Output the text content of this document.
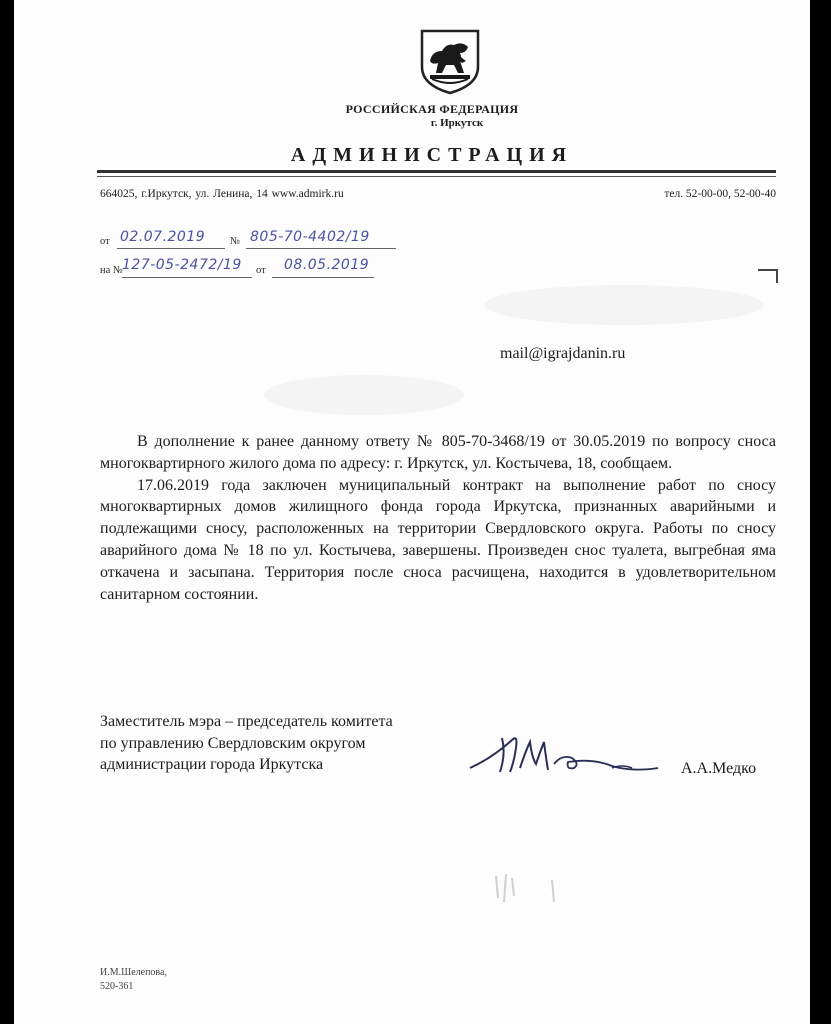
РОССИЙСКАЯ ФЕДЕРАЦИЯ
г. Иркутск
АДМИНИСТРАЦИЯ
664025, г.Иркутск, ул. Ленина, 14 www.admirk.ru	тел. 52-00-00, 52-00-40
от 02.07.2019 № 805-70-4402/19
на № 127-05-2472/19 от 08.05.2019
mail@igrajdanin.ru

В дополнение к ранее данному ответу № 805-70-3468/19 от 30.05.2019 по вопросу сноса многоквартирного жилого дома по адресу: г. Иркутск, ул. Костычева, 18, сообщаем.

17.06.2019 года заключен муниципальный контракт на выполнение работ по сносу многоквартирных домов жилищного фонда города Иркутска, признанных аварийными и подлежащими сносу, расположенных на территории Свердловского округа. Работы по сносу аварийного дома № 18 по ул. Костычева, завершены. Произведен снос туалета, выгребная яма откачена и засыпана. Территория после сноса расчищена, находится в удовлетворительном санитарном состоянии.

Заместитель мэра – председатель комитета
по управлению Свердловским округом
администрации города Иркутска	А.А.Медко
И.М.Шелепова,
520-361
